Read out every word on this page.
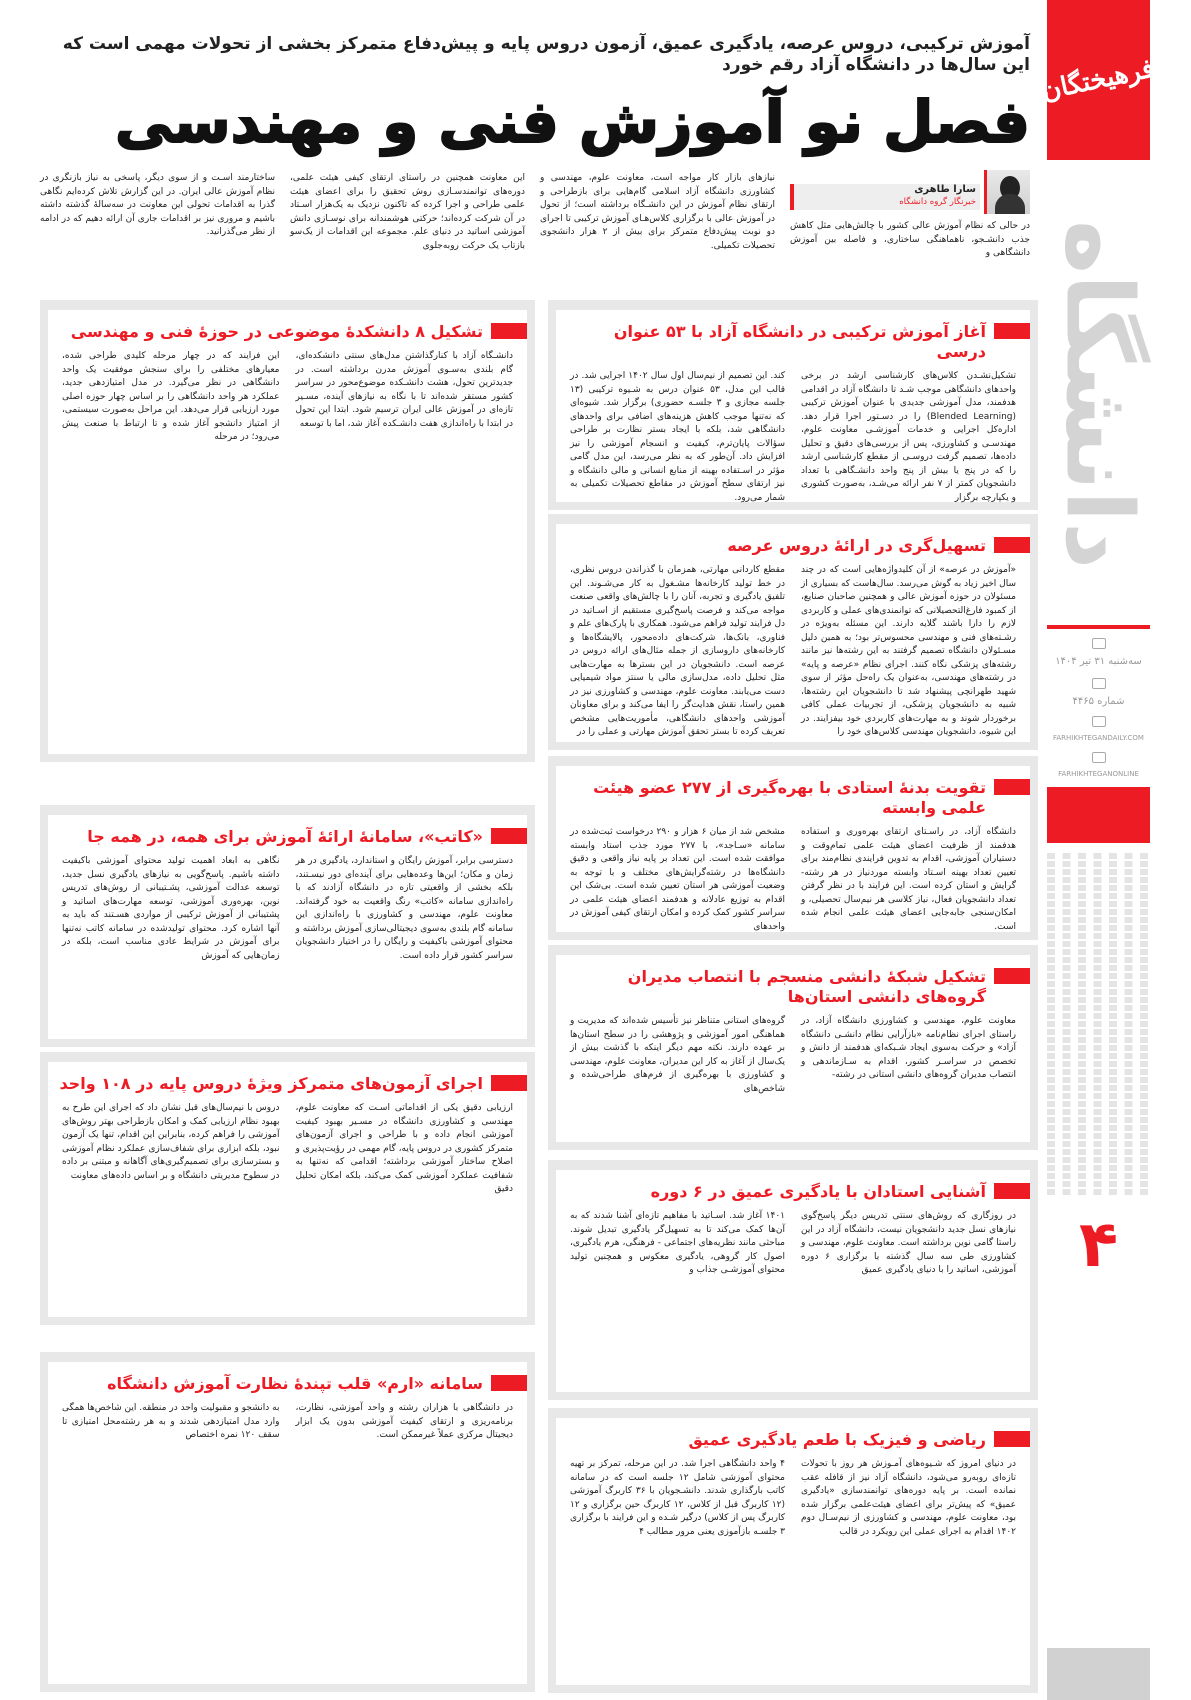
فرهیختگان
دانشگاه
سه‌شنبه ۳۱ تیر ۱۴۰۴
شماره ۴۴۶۵
FARHIKHTEGANDAILY.COM
FARHIKHTEGANONLINE
۴
آموزش ترکیبی، دروس عرصه، یادگیری عمیق، آزمون دروس پایه و پیش‌دفاع متمرکز بخشی از تحولات مهمی است که این سال‌ها در دانشگاه آزاد رقم خورد
فصل نو آموزش فنی و مهندسی
سارا طاهری
خبرنگار گروه دانشگاه
در حالی که نظام آموزش عالی کشور با چالش‌هایی مثل کاهش جذب دانشـجو، ناهماهنگی ساختاری، و فاصله بین آموزش دانشگاهی و
نیازهای بازار کار مواجه است، معاونت علوم، مهندسی و کشاورزی دانشگاه آزاد اسلامی گام‌هایی برای بازطراحی و ارتقای نظام آموزش در این دانشـگاه برداشته است؛ از تحول در آموزش عالی با برگزاری کلاس‌هـای آموزش ترکیبی تا اجرای دو نوبت پیش‌دفاع متمرکز برای بیش از ۲ هزار دانشجوی تحصیلات تکمیلی.
این معاونت همچنین در راستای ارتقای کیفی هیئت علمی، دوره‌های توانمندسـازی روش تحقیق را برای اعضای هیئت علمی طراحی و اجرا کرده که تاکنون نزدیک به یک‌هزار اسـتاد در آن شرکت کرده‌اند؛ حرکتی هوشمندانه برای نوسـازی دانش آموزشی اساتید در دنیای علم. مجموعه این اقدامات از یک‌سو بازتاب یک حرکت روبه‌جلوی
ساختارمند اسـت و از سوی دیگر، پاسخی به نیاز بازنگری در نظام آموزش عالی ایران. در این گزارش تلاش کرده‌ایم نگاهی گذرا به اقدامات تحولی این معاونت در سه‌سالهٔ گذشته داشته باشیم و مروری نیز بر اقدامات جاری آن ارائه دهیم که در ادامه از نظر می‌گذرانید.
آغاز آموزش ترکیبی در دانشگاه آزاد با ۵۳ عنوان درسی
تشکیل‌نشـدن کلاس‌های کارشناسی ارشد در برخی واحدهای دانشگاهی موجب شـد تا دانشگاه آزاد در اقدامی هدفمند، مدل آموزشی جدیدی با عنوان آموزش ترکیبی (Blended Learning) را در دسـتور اجرا قرار دهد. اداره‌کل اجرایی و خدمات آموزشـی معاونت علوم، مهندسـی و کشاورزی، پس از بررسی‌های دقیق و تحلیل داده‌ها، تصمیم گرفت دروسـی از مقطع کارشناسی ارشد را که در پنج یا بیش از پنج واحد دانشـگاهی با تعداد دانشجویان کمتر از ۷ نفر ارائه می‌شـد، به‌صورت کشوری و یکپارچه برگزار
کند. این تصمیم از نیم‌سال اول سال ۱۴۰۲ اجرایی شد. در قالب این مدل، ۵۳ عنوان درس به شـیوه ترکیبی (۱۳ جلسه مجازی و ۳ جلسـه حضوری) برگزار شد. شیوه‌ای که نه‌تنها موجب کاهش هزینه‌های اضافی برای واحدهای دانشگاهی شد، بلکه با ایجاد بستر نظارت بر طراحی سؤالات پایان‌ترم، کیفیت و انسجام آموزشی را نیز افزایش داد. آن‌طور که به نظر می‌رسد، این مدل گامی مؤثر در اسـتفاده بهینه از منابع انسانی و مالی دانشگاه و نیز ارتقای سطح آموزش در مقاطع تحصیلات تکمیلی به شمار می‌رود.
تسهیل‌گری در ارائهٔ دروس عرصه
«آموزش در عرصه» از آن کلیدواژه‌هایی است که در چند سال اخیر زیاد به گوش می‌رسد. سال‌هاست که بسیاری از مسئولان در حوزه آموزش عالی و همچنین صاحبان صنایع، از کمبود فارغ‌التحصیلانی که توانمندی‌های عملی و کاربردی لازم را دارا باشند گلایه دارند. این مسئله به‌ویژه در رشـته‌های فنی و مهندسی محسوس‌تر بود؛ به همین دلیل مسـئولان دانشگاه تصمیم گرفتند به این رشته‌ها نیز مانند رشته‌های پزشکی نگاه کنند. اجرای نظام «عرصه و پایه» در رشته‌های مهندسی، به‌عنوان یک راه‌حل مؤثر از سوی شهید طهرانچی پیشنهاد شد تا دانشجویان این رشته‌ها، شبیه به دانشجویان پزشکی، از تجربیات عملی کافی برخوردار شوند و به مهارت‌های کاربردی خود بیفزایند. در این شیوه، دانشجویان مهندسی کلاس‌های خود را
مقطع کاردانی مهارتی، همزمان با گذراندن دروس نظری، در خط تولید کارخانه‌ها مشـغول به کار می‌شـوند. این تلفیق یادگیری و تجربه، آنان را با چالش‌های واقعی صنعت مواجه می‌کند و فرصت پاسخ‌گیری مستقیم از اسـاتید در دل فرایند تولید فراهم می‌شود. همکاری با پارک‌های علم و فناوری، بانک‌ها، شرکت‌های داده‌محور، پالایشگاه‌ها و کارخانه‌های داروسازی از جمله مثال‌های ارائه دروس در عرصه است. دانشجویان در این بسترها به مهارت‌هایی مثل تحلیل داده، مدل‌سازی مالی یا سنتز مواد شیمیایی دست می‌یابند. معاونت علوم، مهندسی و کشاورزی نیز در همین راستا، نقش هدایت‌گر را ایفا می‌کند و برای معاونان آموزشی واحدهای دانشگاهی، مأموریت‌هایی مشخص تعریف کرده تا بستر تحقق آموزش مهارتی و عملی را در
تقویت بدنهٔ استادی با بهره‌گیری از ۲۷۷ عضو هیئت علمی وابسته
دانشگاه آزاد، در راسـتای ارتقای بهره‌وری و استفاده هدفمند از ظرفیت اعضای هیئت علمی تمام‌وقت و دستیاران آموزشی، اقدام به تدوین فرایندی نظام‌مند برای تعیین تعداد بهینه اسـتاد وابسته موردنیاز در هر رشته-گرایش و استان کرده است. این فرایند با در نظر گرفتن تعداد دانشجویان فعال، نیاز کلاسی هر نیم‌سال تحصیلی، و امکان‌سنجی جابه‌جایی اعضای هیئت علمی انجام شده است.
مشخص شد از میان ۶ هزار و ۲۹۰ درخواست ثبت‌شده در سامانه «سـاجد»، با ۲۷۷ مورد جذب استاد وابسته موافقت شده است. این تعداد بر پایه نیاز واقعی و دقیق دانشگاه‌ها در رشته‌گرایش‌های مختلف و با توجه به وضعیت آموزشی هر استان تعیین شده است. بی‌شک این اقدام به توزیع عادلانه و هدفمند اعضای هیئت علمی در سراسر کشور کمک کرده و امکان ارتقای کیفی آموزش در واحدهای
تشکیل شبکهٔ دانشی منسجم با انتصاب مدیران گروه‌های دانشی استان‌ها
معاونت علوم، مهندسی و کشاورزی دانشگاه آزاد، در راستای اجرای نظام‌نامه «بازآرایی نظام دانشـی دانشگاه آزاد» و حرکت به‌سوی ایجاد شـبکه‌ای هدفمند از دانش و تخصص در سراسـر کشور، اقدام به سـازماندهی و انتصاب مدیران گروه‌های دانشی استانی در رشته-
گروه‌های استانی متناظر نیز تأسیس شده‌اند که مدیریت و هماهنگی امور آموزشی و پژوهشی را در سطح استان‌ها بر عهده دارند. نکته مهم دیگر اینکه با گذشت بیش از یک‌سال از آغاز به کار این مدیران، معاونت علوم، مهندسی و کشاورزی با بهره‌گیری از فرم‌های طراحی‌شده و شاخص‌های
آشنایی استادان با یادگیری عمیق در ۶ دوره
در روزگاری که روش‌های سنتی تدریس دیگر پاسخ‌گوی نیازهای نسل جدید دانشجویان نیست، دانشگاه آزاد در این راستا گامی نوین برداشته است. معاونت علوم، مهندسی و کشاورزی طی سه سال گذشته با برگزاری ۶ دوره آموزشی، اساتید را با دنیای یادگیری عمیق
۱۴۰۱ آغاز شد. اسـاتید با مفاهیم تازه‌ای آشنا شدند که به آن‌ها کمک می‌کند تا به تسهیل‌گر یادگیری تبدیل شوند. مباحثی مانند نظریه‌های اجتماعی - فرهنگی، هرم یادگیری، اصول کار گروهی، یادگیری معکوس و همچنین تولید محتوای آموزشـی جذاب و
ریاضی و فیزیک با طعم یادگیری عمیق
در دنیای امروز که شـیوه‌های آمـوزش هر روز با تحولات تازه‌ای روبه‌رو می‌شود، دانشگاه آزاد نیز از قافله عقب نمانده است. بر پایه دوره‌های توانمندسازی «یادگیری عمیق» که پیش‌تر برای اعضای هیئت‌علمی برگزار شده بود، معاونت علوم، مهندسی و کشاورزی از نیم‌سـال دوم ۱۴۰۲ اقدام به اجرای عملی این رویکرد در قالب
۴ واحد دانشگاهی اجرا شد. در این مرحله، تمرکز بر تهیه محتوای آموزشی شامل ۱۲ جلسه است که در سامانه کاتب بارگذاری شدند. دانشـجویان با ۳۶ کاربرگ آموزشی (۱۲ کاربرگ قبل از کلاس، ۱۲ کاربرگ حین برگزاری و ۱۲ کاربرگ پس از کلاس) درگیر شـده و این فرایند با برگزاری ۳ جلسـه بازآموزی یعنی مرور مطالب ۴
تشکیل ۸ دانشکدهٔ موضوعی در حوزهٔ فنی و مهندسی
دانشـگاه آزاد با کنارگذاشتن مدل‌های سنتی دانشکده‌ای، گام بلندی به‌سـوی آموزش مدرن برداشته است. در جدیدترین تحول، هشت دانشـکده موضوع‌محور در سراسر کشور مستقر شده‌اند تا با نگاه به نیازهای آینده، مسـیر تازه‌ای در آموزش عالی ایران ترسیم شود. ابتدا این تحول در ابتدا با راه‌اندازی هفت دانشـکده آغاز شد، اما با توسعه
این فرایند که در چهار مرحله کلیدی طراحی شده، معیارهای مختلفی را برای سنجش موفقیت یک واحد دانشگاهی در نظر می‌گیرد. در مدل امتیازدهی جدید، عملکرد هر واحد دانشگاهی را بر اساس چهار حوزه اصلی مورد ارزیابی قرار می‌دهد. این مراحل به‌صورت سیستمی، از امتیاز دانشجو آغاز شده و تا ارتباط با صنعت پیش می‌رود؛ در مرحله
«کاتب»، سامانهٔ ارائهٔ آموزش برای همه، در همه جا
دسترسی برابر، آموزش رایگان و استاندارد، یادگیری در هر زمان و مکان؛ این‌ها وعده‌هایی برای آینده‌ای دور نیسـتند، بلکه بخشی از واقعیتی تازه در دانشگاه آزادند که با راه‌اندازی سامانه «کاتب» رنگ واقعیت به خود گرفته‌اند. معاونت علوم، مهندسی و کشاورزی با راه‌اندازی این سامانه گام بلندی به‌سوی دیجیتالی‌سازی آموزش برداشته و محتوای آموزشی باکیفیت و رایگان را در اختیار دانشجویان سراسر کشور قرار داده است.
نگاهی به ابعاد اهمیت تولید محتوای آموزشی باکیفیت داشته باشیم. پاسخ‌گویی به نیازهای یادگیری نسل جدید، توسعه عدالت آموزشی، پشـتیبانی از روش‌های تدریس نوین، بهره‌وری آموزشی، توسعه مهارت‌های اساتید و پشتیبانی از آموزش ترکیبی از مواردی هسـتند که باید به آنها اشاره کرد. محتوای تولیدشده در سامانه کاتب نه‌تنها برای آموزش در شرایط عادی مناسب است، بلکه در زمان‌هایی که آموزش
اجرای آزمون‌های متمرکز ویژهٔ دروس پایه در ۱۰۸ واحد
ارزیابی دقیق یکی از اقداماتی اسـت که معاونت علوم، مهندسی و کشاورزی دانشگاه در مسـیر بهبود کیفیت آموزشی انجام داده و با طراحی و اجرای آزمون‌های متمرکز کشوری در دروس پایه، گام مهمی در رؤیت‌پذیری و اصلاح ساختار آموزشی برداشته؛ اقدامی که نه‌تنها به شفافیت عملکرد آموزشی کمک می‌کند، بلکه امکان تحلیل دقیق
دروس با نیم‌سال‌های قبل نشان داد که اجرای این طرح به بهبود نظام ارزیابی کمک و امکان بازطراحی بهتر روش‌های آموزشی را فراهم کرده، بنابراین این اقدام، تنها یک آزمون نبود، بلکه ابزاری برای شفاف‌سازی عملکرد نظام آموزشی و بسترسازی برای تصمیم‌گیری‌های آگاهانه و مبتنی بر داده در سطوح مدیریتی دانشگاه و بر اساس داده‌های معاونت
سامانه «ارم» قلب تپندهٔ نظارت آموزش دانشگاه
در دانشگاهی با هزاران رشته و واحد آموزشی، نظارت، برنامه‌ریزی و ارتقای کیفیت آموزشی بدون یک ابزار دیجیتال مرکزی عملاً غیرممکن است.
به دانشجو و مقبولیت واحد در منطقه. این شاخص‌ها همگی وارد مدل امتیازدهی شدند و به هر رشته‌محل امتیازی تا سقف ۱۲۰ نمره اختصاص
